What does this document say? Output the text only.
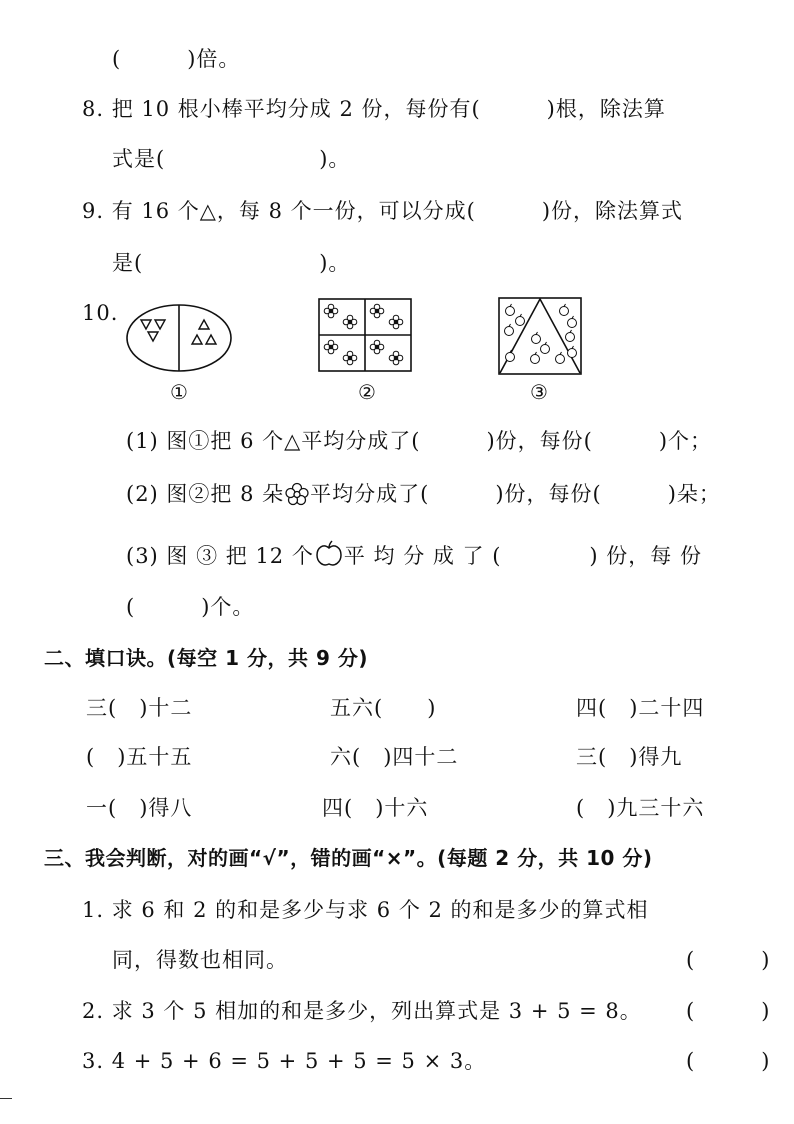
(　　　)倍。
8. 把 10 根小棒平均分成 2 份，每份有(　　　)根，除法算
式是(　　　　　　　)。
9. 有 16 个△，每 8 个一份，可以分成(　　　)份，除法算式
是(　　　　　　　　)。
10.
①	②	③
(1) 图①把 6 个△平均分成了(　　　)份，每份(　　　)个；
(2) 图②把 8 朵 平均分成了(　　　)份，每份(　　　)朵；
(3) 图 ③ 把 12 个 平 均 分 成 了 (　　　　) 份，每 份
(　　　)个。
二、填口诀。(每空 1 分，共 9 分)
三(　)十二	五六(　　)	四(　)二十四
(　)五十五	六(　)四十二	三(　)得九
一(　)得八	四(　)十六	(　)九三十六
三、我会判断，对的画“√”，错的画“×”。(每题 2 分，共 10 分)
1. 求 6 和 2 的和是多少与求 6 个 2 的和是多少的算式相
同，得数也相同。	(　　　)
2. 求 3 个 5 相加的和是多少，列出算式是 3 + 5 = 8。 (　　　)
3. 4 + 5 + 6 = 5 + 5 + 5 = 5 × 3。	(　　　)
